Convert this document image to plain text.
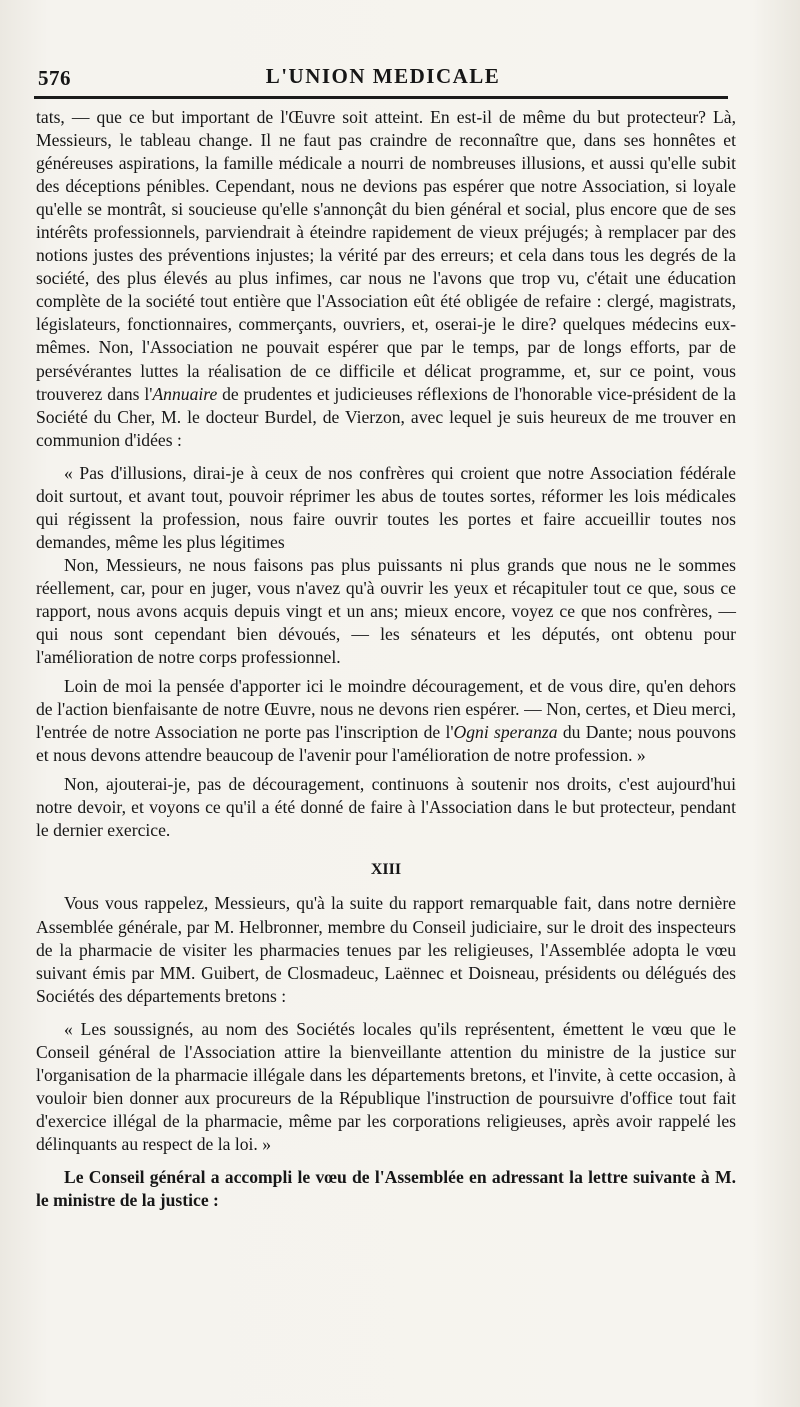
576	L'UNION MEDICALE

tats, — que ce but important de l'Œuvre soit atteint. En est-il de même du but protecteur? Là, Messieurs, le tableau change. Il ne faut pas craindre de reconnaître que, dans ses honnêtes et généreuses aspirations, la famille médicale a nourri de nombreuses illusions, et aussi qu'elle subit des déceptions pénibles. Cependant, nous ne devions pas espérer que notre Association, si loyale qu'elle se montrât, si soucieuse qu'elle s'annonçât du bien général et social, plus encore que de ses intérêts professionnels, parviendrait à éteindre rapidement de vieux préjugés; à remplacer par des notions justes des préventions injustes; la vérité par des erreurs; et cela dans tous les degrés de la société, des plus élevés au plus infimes, car nous ne l'avons que trop vu, c'était une éducation complète de la société tout entière que l'Association eût été obligée de refaire : clergé, magistrats, législateurs, fonctionnaires, commerçants, ouvriers, et, oserai-je le dire? quelques médecins eux-mêmes. Non, l'Association ne pouvait espérer que par le temps, par de longs efforts, par de persévérantes luttes la réalisation de ce difficile et délicat programme, et, sur ce point, vous trouverez dans l'Annuaire de prudentes et judicieuses réflexions de l'honorable vice-président de la Société du Cher, M. le docteur Burdel, de Vierzon, avec lequel je suis heureux de me trouver en communion d'idées :

« Pas d'illusions, dirai-je à ceux de nos confrères qui croient que notre Association fédérale doit surtout, et avant tout, pouvoir réprimer les abus de toutes sortes, réformer les lois médicales qui régissent la profession, nous faire ouvrir toutes les portes et faire accueillir toutes nos demandes, même les plus légitimes

Non, Messieurs, ne nous faisons pas plus puissants ni plus grands que nous ne le sommes réellement, car, pour en juger, vous n'avez qu'à ouvrir les yeux et récapituler tout ce que, sous ce rapport, nous avons acquis depuis vingt et un ans; mieux encore, voyez ce que nos confrères, — qui nous sont cependant bien dévoués, — les sénateurs et les députés, ont obtenu pour l'amélioration de notre corps professionnel.

Loin de moi la pensée d'apporter ici le moindre découragement, et de vous dire, qu'en dehors de l'action bienfaisante de notre Œuvre, nous ne devons rien espérer. — Non, certes, et Dieu merci, l'entrée de notre Association ne porte pas l'inscription de l'Ogni speranza du Dante; nous pouvons et nous devons attendre beaucoup de l'avenir pour l'amélioration de notre profession. »

Non, ajouterai-je, pas de découragement, continuons à soutenir nos droits, c'est aujourd'hui notre devoir, et voyons ce qu'il a été donné de faire à l'Association dans le but protecteur, pendant le dernier exercice.

XIII

Vous vous rappelez, Messieurs, qu'à la suite du rapport remarquable fait, dans notre dernière Assemblée générale, par M. Helbronner, membre du Conseil judiciaire, sur le droit des inspecteurs de la pharmacie de visiter les pharmacies tenues par les religieuses, l'Assemblée adopta le vœu suivant émis par MM. Guibert, de Closmadeuc, Laënnec et Doisneau, présidents ou délégués des Sociétés des départements bretons :

« Les soussignés, au nom des Sociétés locales qu'ils représentent, émettent le vœu que le Conseil général de l'Association attire la bienveillante attention du ministre de la justice sur l'organisation de la pharmacie illégale dans les départements bretons, et l'invite, à cette occasion, à vouloir bien donner aux procureurs de la République l'instruction de poursuivre d'office tout fait d'exercice illégal de la pharmacie, même par les corporations religieuses, après avoir rappelé les délinquants au respect de la loi. »

Le Conseil général a accompli le vœu de l'Assemblée en adressant la lettre suivante à M. le ministre de la justice :
